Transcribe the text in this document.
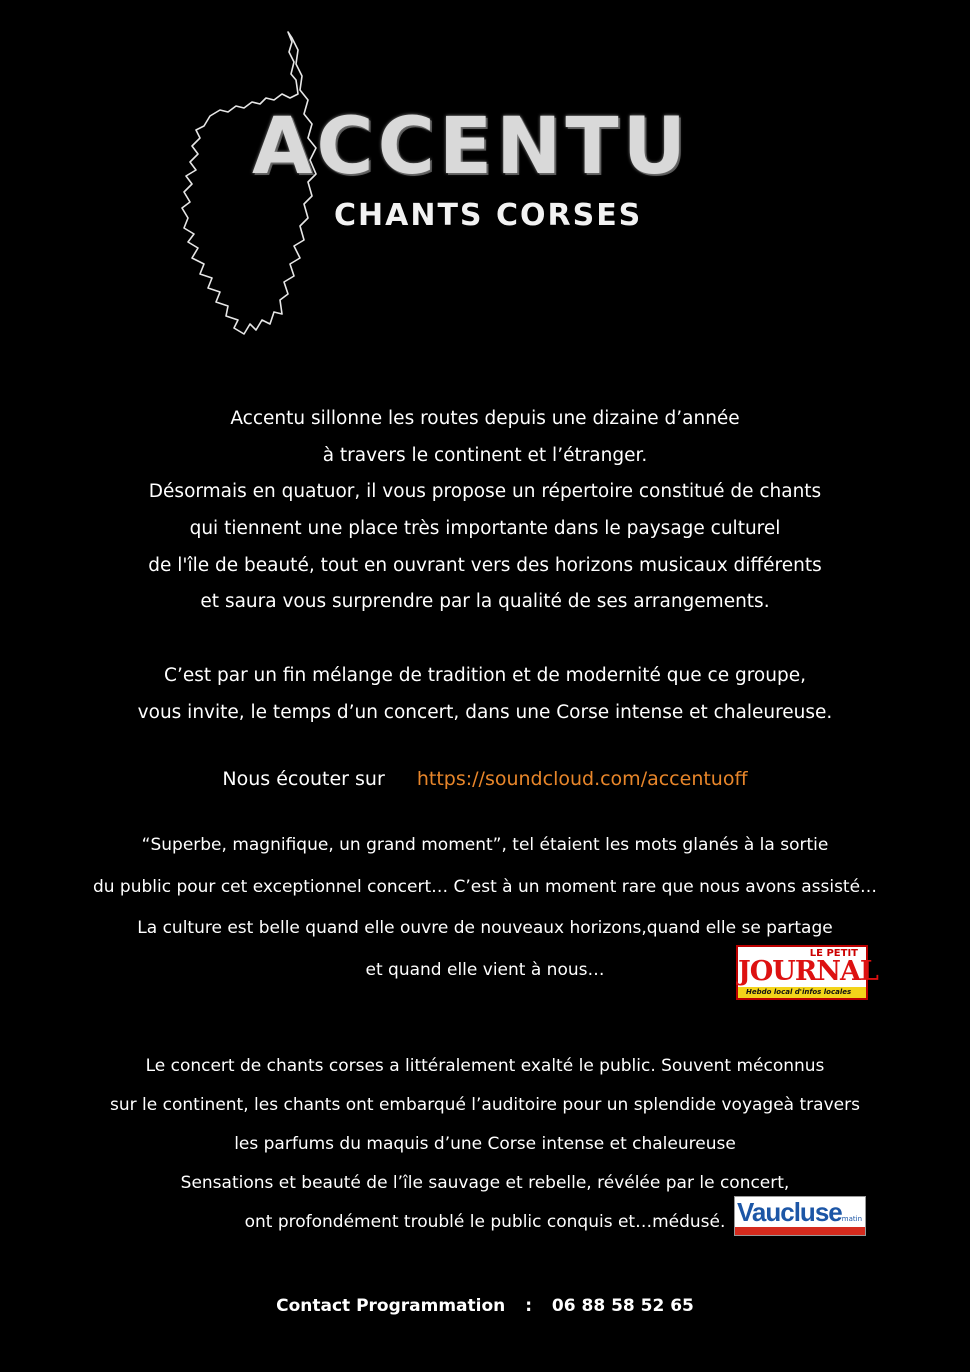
ACCENTU
CHANTS CORSES
Accentu sillonne les routes depuis une dizaine d’année
à travers le continent et l’étranger.
Désormais en quatuor, il vous propose un répertoire constitué de chants
qui tiennent une place très importante dans le paysage culturel
de l'île de beauté, tout en ouvrant vers des horizons musicaux différents
et saura vous surprendre par la qualité de ses arrangements.
C’est par un fin mélange de tradition et de modernité que ce groupe,
vous invite, le temps d’un concert, dans une Corse intense et chaleureuse.
Nous écouter sur https://soundcloud.com/accentuoff
“Superbe, magnifique, un grand moment”, tel étaient les mots glanés à la sortie
du public pour cet exceptionnel concert… C’est à un moment rare que nous avons assisté…
La culture est belle quand elle ouvre de nouveaux horizons,quand elle se partage
et quand elle vient à nous…
LE PETIT
JOURNAL
Hebdo local d'infos locales
Le concert de chants corses a littéralement exalté le public. Souvent méconnus
sur le continent, les chants ont embarqué l’auditoire pour un splendide voyageà travers
les parfums du maquis d’une Corse intense et chaleureuse
Sensations et beauté de l’île sauvage et rebelle, révélée par le concert,
ont profondément troublé le public conquis et…médusé. Vaucluse matin
Contact Programmation : 06 88 58 52 65
